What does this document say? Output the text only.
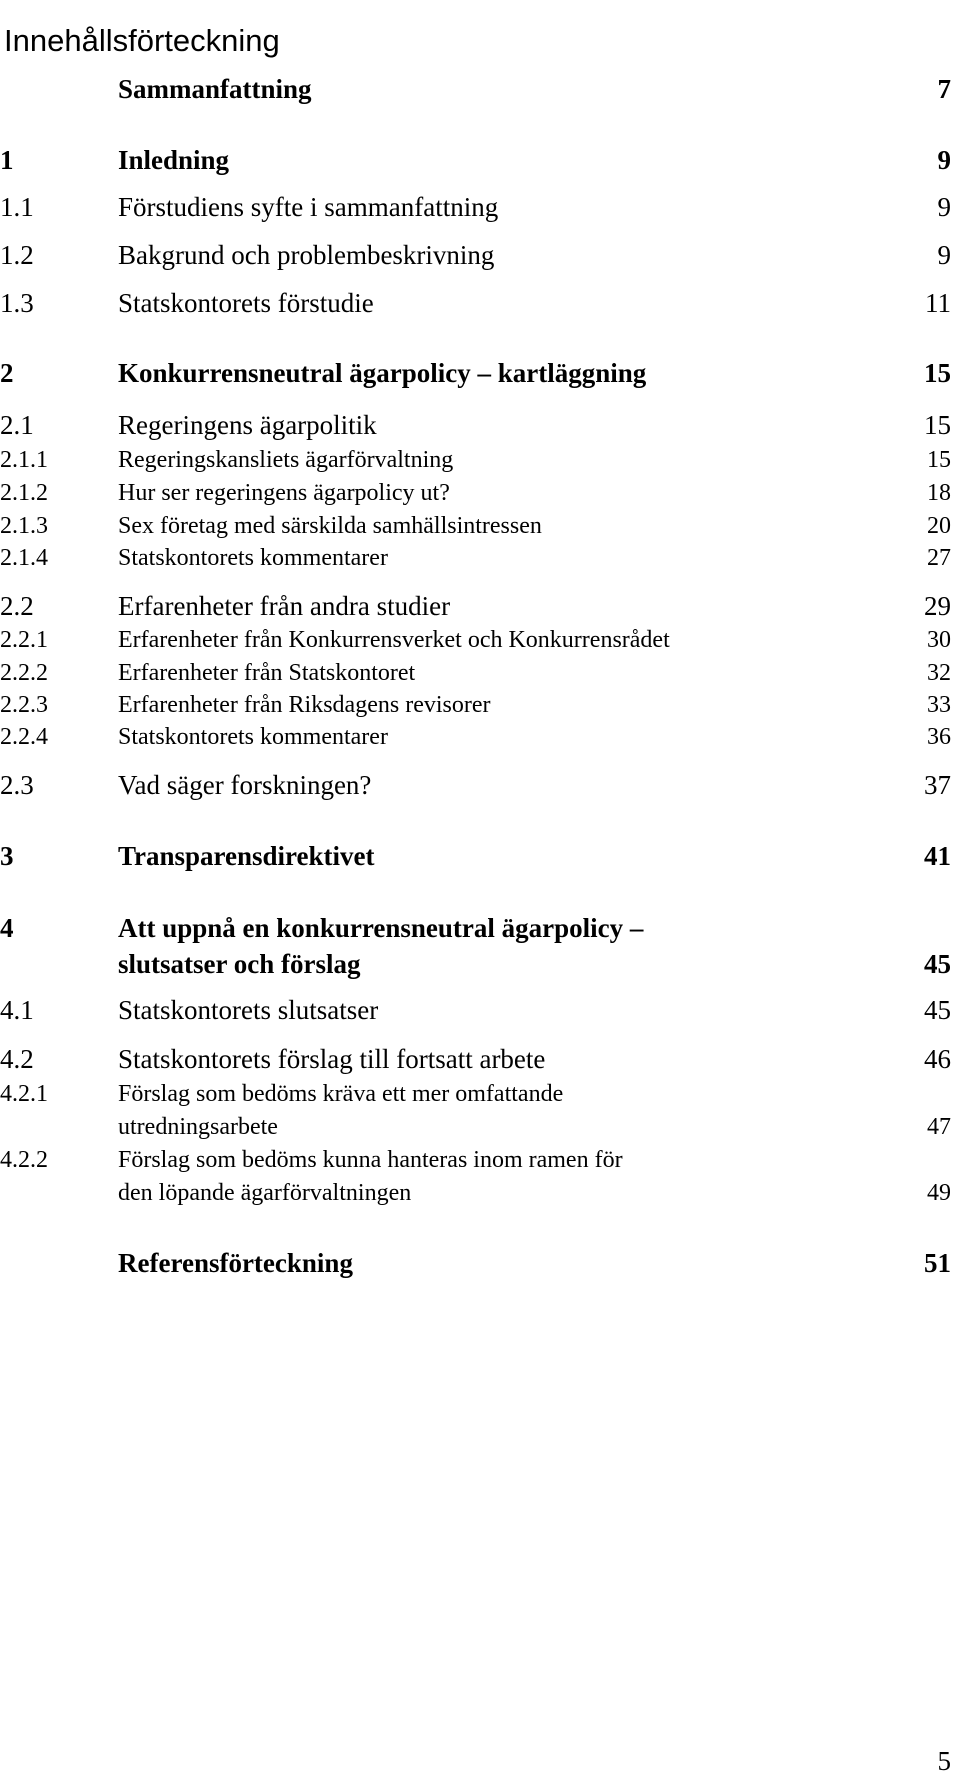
Innehållsförteckning
Sammanfattning	7
1	Inledning	9
1.1	Förstudiens syfte i sammanfattning	9
1.2	Bakgrund och problembeskrivning	9
1.3	Statskontorets förstudie	11
2	Konkurrensneutral ägarpolicy – kartläggning	15
2.1	Regeringens ägarpolitik	15
2.1.1	Regeringskansliets ägarförvaltning	15
2.1.2	Hur ser regeringens ägarpolicy ut?	18
2.1.3	Sex företag med särskilda samhällsintressen	20
2.1.4	Statskontorets kommentarer	27
2.2	Erfarenheter från andra studier	29
2.2.1	Erfarenheter från Konkurrensverket och Konkurrensrådet	30
2.2.2	Erfarenheter från Statskontoret	32
2.2.3	Erfarenheter från Riksdagens revisorer	33
2.2.4	Statskontorets kommentarer	36
2.3	Vad säger forskningen?	37
3	Transparensdirektivet	41
4	Att uppnå en konkurrensneutral ägarpolicy –
slutsatser och förslag	45
4.1	Statskontorets slutsatser	45
4.2	Statskontorets förslag till fortsatt arbete	46
4.2.1	Förslag som bedöms kräva ett mer omfattande
utredningsarbete	47
4.2.2	Förslag som bedöms kunna hanteras inom ramen för
den löpande ägarförvaltningen	49
Referensförteckning	51
5
